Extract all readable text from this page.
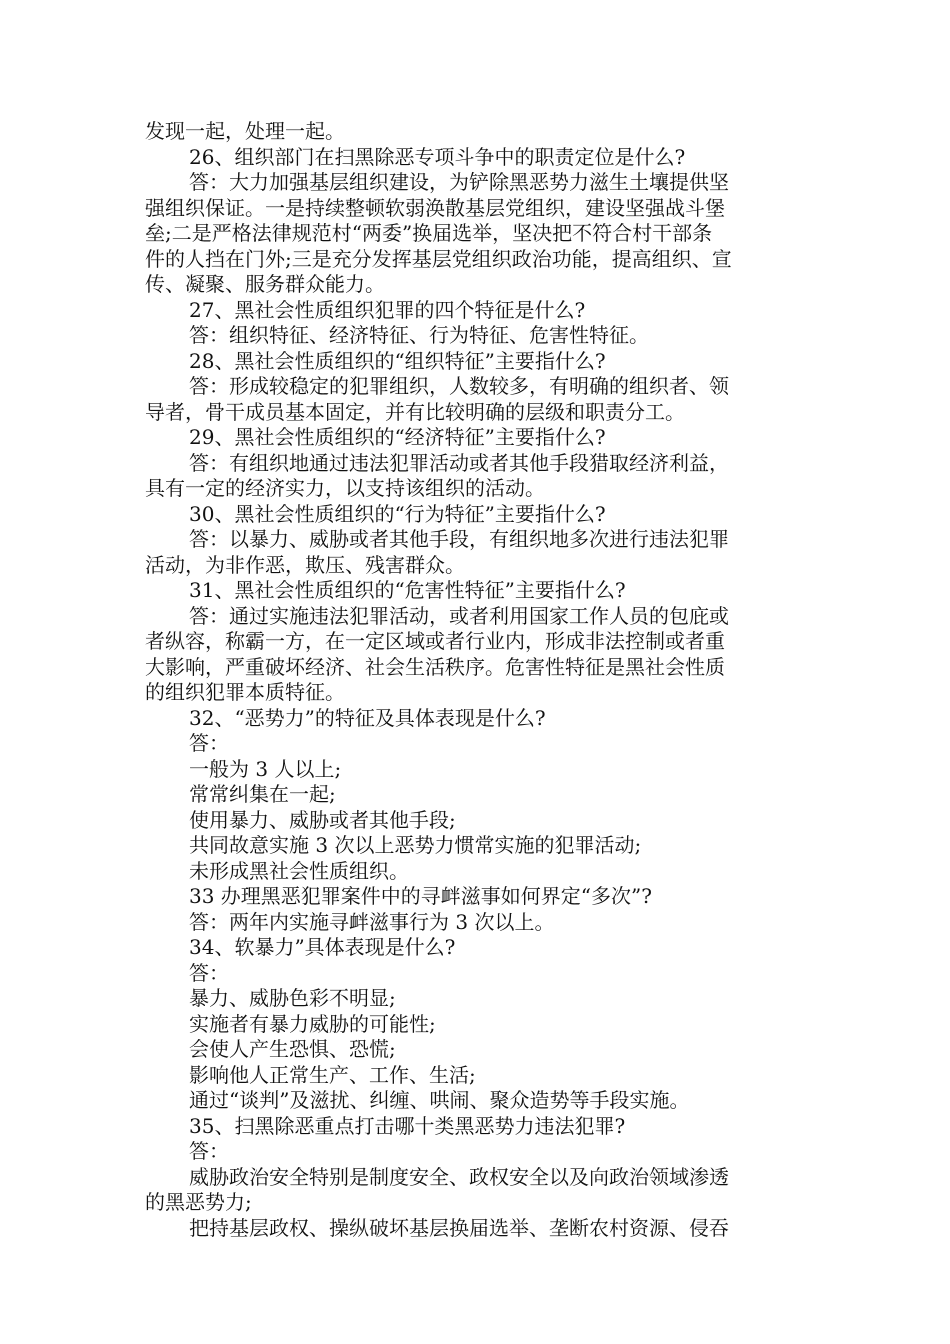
发现一起，处理一起。
26、组织部门在扫黑除恶专项斗争中的职责定位是什么?
答：大力加强基层组织建设，为铲除黑恶势力滋生土壤提供坚
强组织保证。一是持续整顿软弱涣散基层党组织，建设坚强战斗堡
垒;二是严格法律规范村“两委”换届选举，坚决把不符合村干部条
件的人挡在门外;三是充分发挥基层党组织政治功能，提高组织、宣
传、凝聚、服务群众能力。
27、黑社会性质组织犯罪的四个特征是什么?
答：组织特征、经济特征、行为特征、危害性特征。
28、黑社会性质组织的“组织特征”主要指什么?
答：形成较稳定的犯罪组织，人数较多，有明确的组织者、领
导者，骨干成员基本固定，并有比较明确的层级和职责分工。
29、黑社会性质组织的“经济特征”主要指什么?
答：有组织地通过违法犯罪活动或者其他手段猎取经济利益，
具有一定的经济实力，以支持该组织的活动。
30、黑社会性质组织的“行为特征”主要指什么?
答：以暴力、威胁或者其他手段，有组织地多次进行违法犯罪
活动，为非作恶，欺压、残害群众。
31、黑社会性质组织的“危害性特征”主要指什么?
答：通过实施违法犯罪活动，或者利用国家工作人员的包庇或
者纵容，称霸一方，在一定区域或者行业内，形成非法控制或者重
大影响，严重破坏经济、社会生活秩序。危害性特征是黑社会性质
的组织犯罪本质特征。
32、“恶势力”的特征及具体表现是什么?
答：
一般为 3 人以上;
常常纠集在一起;
使用暴力、威胁或者其他手段;
共同故意实施 3 次以上恶势力惯常实施的犯罪活动;
未形成黑社会性质组织。
33 办理黑恶犯罪案件中的寻衅滋事如何界定“多次”?
答：两年内实施寻衅滋事行为 3 次以上。
34、软暴力”具体表现是什么?
答：
暴力、威胁色彩不明显;
实施者有暴力威胁的可能性;
会使人产生恐惧、恐慌;
影响他人正常生产、工作、生活;
通过“谈判”及滋扰、纠缠、哄闹、聚众造势等手段实施。
35、扫黑除恶重点打击哪十类黑恶势力违法犯罪?
答：
威胁政治安全特别是制度安全、政权安全以及向政治领域渗透
的黑恶势力;
把持基层政权、操纵破坏基层换届选举、垄断农村资源、侵吞
